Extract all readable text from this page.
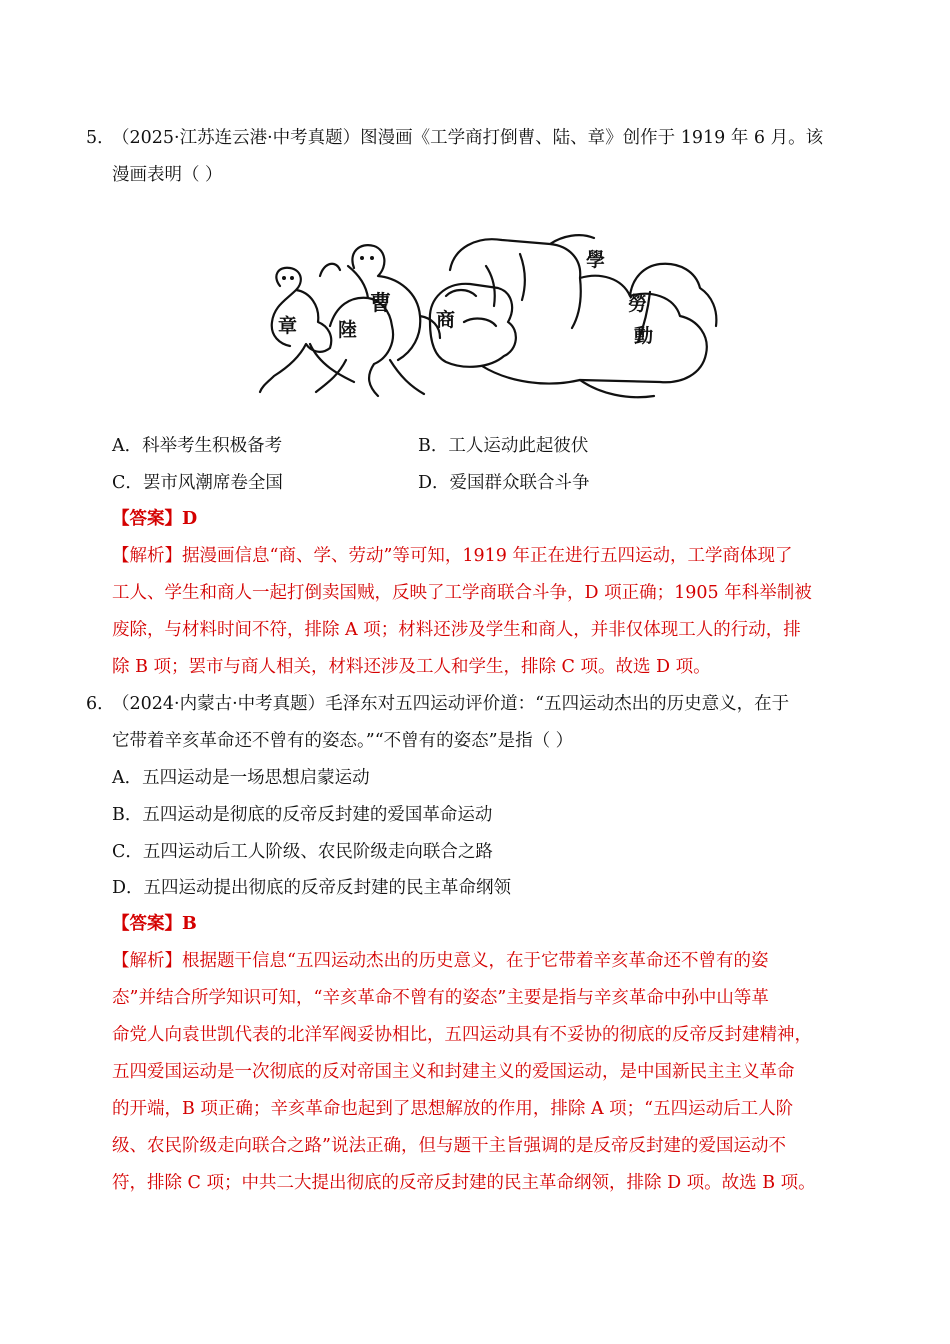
5．
（2025·江苏连云港·中考真题）图漫画《工学商打倒曹、陆、章》创作于 1919 年 6 月。该
漫画表明（ ）
章 陸
曹
商
學
勞
動
A．科举考生积极备考	B．工人运动此起彼伏
C．罢市风潮席卷全国	D．爱国群众联合斗争
【答案】D
【解析】据漫画信息“商、学、劳动”等可知，1919 年正在进行五四运动，工学商体现了
工人、学生和商人一起打倒卖国贼，反映了工学商联合斗争，D 项正确；1905 年科举制被
废除，与材料时间不符，排除 A 项；材料还涉及学生和商人，并非仅体现工人的行动，排
除 B 项；罢市与商人相关，材料还涉及工人和学生，排除 C 项。故选 D 项。
6．
（2024·内蒙古·中考真题）毛泽东对五四运动评价道：“五四运动杰出的历史意义，在于
它带着辛亥革命还不曾有的姿态。”“不曾有的姿态”是指（ ）
A．五四运动是一场思想启蒙运动
B．五四运动是彻底的反帝反封建的爱国革命运动
C．五四运动后工人阶级、农民阶级走向联合之路
D．五四运动提出彻底的反帝反封建的民主革命纲领
【答案】B
【解析】根据题干信息“五四运动杰出的历史意义，在于它带着辛亥革命还不曾有的姿
态”并结合所学知识可知，“辛亥革命不曾有的姿态”主要是指与辛亥革命中孙中山等革
命党人向袁世凯代表的北洋军阀妥协相比，五四运动具有不妥协的彻底的反帝反封建精神，
五四爱国运动是一次彻底的反对帝国主义和封建主义的爱国运动，是中国新民主主义革命
的开端，B 项正确；辛亥革命也起到了思想解放的作用，排除 A 项；“五四运动后工人阶
级、农民阶级走向联合之路”说法正确，但与题干主旨强调的是反帝反封建的爱国运动不
符，排除 C 项；中共二大提出彻底的反帝反封建的民主革命纲领，排除 D 项。故选 B 项。
